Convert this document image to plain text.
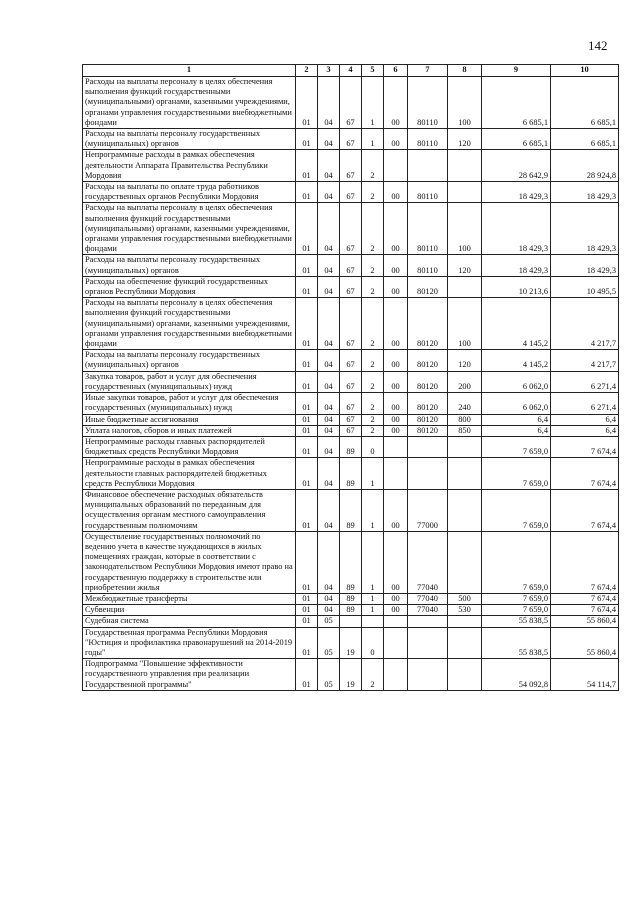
142
1	2	3	4	5	6	7	8	9	10
Расходы на выплаты персоналу в целях обеспечения выполнения функций государственными (муниципальными) органами, казенными учреждениями, органами управления государственными внебюджетными фондами	01	04	67	1	00	80110	100	6 685,1	6 685,1
Расходы на выплаты персоналу государственных (муниципальных) органов	01	04	67	1	00	80110	120	6 685,1	6 685,1
Непрограммные расходы в рамках обеспечения деятельности Аппарата Правительства Республики Мордовия	01	04	67	2				28 642,9	28 924,8
Расходы на выплаты по оплате труда работников государственных органов Республики Мордовия	01	04	67	2	00	80110		18 429,3	18 429,3
Расходы на выплаты персоналу в целях обеспечения выполнения функций государственными (муниципальными) органами, казенными учреждениями, органами управления государственными внебюджетными фондами	01	04	67	2	00	80110	100	18 429,3	18 429,3
Расходы на выплаты персоналу государственных (муниципальных) органов	01	04	67	2	00	80110	120	18 429,3	18 429,3
Расходы на обеспечение функций государственных органов Республики Мордовия	01	04	67	2	00	80120		10 213,6	10 495,5
Расходы на выплаты персоналу в целях обеспечения выполнения функций государственными (муниципальными) органами, казенными учреждениями, органами управления государственными внебюджетными фондами	01	04	67	2	00	80120	100	4 145,2	4 217,7
Расходы на выплаты персоналу государственных (муниципальных) органов	01	04	67	2	00	80120	120	4 145,2	4 217,7
Закупка товаров, работ и услуг для обеспечения государственных (муниципальных) нужд	01	04	67	2	00	80120	200	6 062,0	6 271,4
Иные закупки товаров, работ и услуг для обеспечения государственных (муниципальных) нужд	01	04	67	2	00	80120	240	6 062,0	6 271,4
Иные бюджетные ассигнования	01	04	67	2	00	80120	800	6,4	6,4
Уплата налогов, сборов и иных платежей	01	04	67	2	00	80120	850	6,4	6,4
Непрограммные расходы главных распорядителей бюджетных средств Республики Мордовия	01	04	89	0				7 659,0	7 674,4
Непрограммные расходы в рамках обеспечения деятельности главных распорядителей бюджетных средств Республики Мордовия	01	04	89	1				7 659,0	7 674,4
Финансовое обеспечение расходных обязательств муниципальных образований по переданным для осуществления органам местного самоуправления государственным полномочиям	01	04	89	1	00	77000		7 659,0	7 674,4
Осуществление государственных полномочий по ведению учета в качестве нуждающихся в жилых помещениях граждан, которые в соответствии с законодательством Республики Мордовия имеют право на государственную поддержку в строительстве или приобретении жилья	01	04	89	1	00	77040		7 659,0	7 674,4
Межбюджетные трансферты	01	04	89	1	00	77040	500	7 659,0	7 674,4
Субвенции	01	04	89	1	00	77040	530	7 659,0	7 674,4
Судебная система	01	05						55 838,5	55 860,4
Государственная программа Республики Мордовия "Юстиция и профилактика правонарушений на 2014-2019 годы"	01	05	19	0				55 838,5	55 860,4
Подпрограмма "Повышение эффективности государственного управления при реализации Государственной программы"	01	05	19	2				54 092,8	54 114,7
